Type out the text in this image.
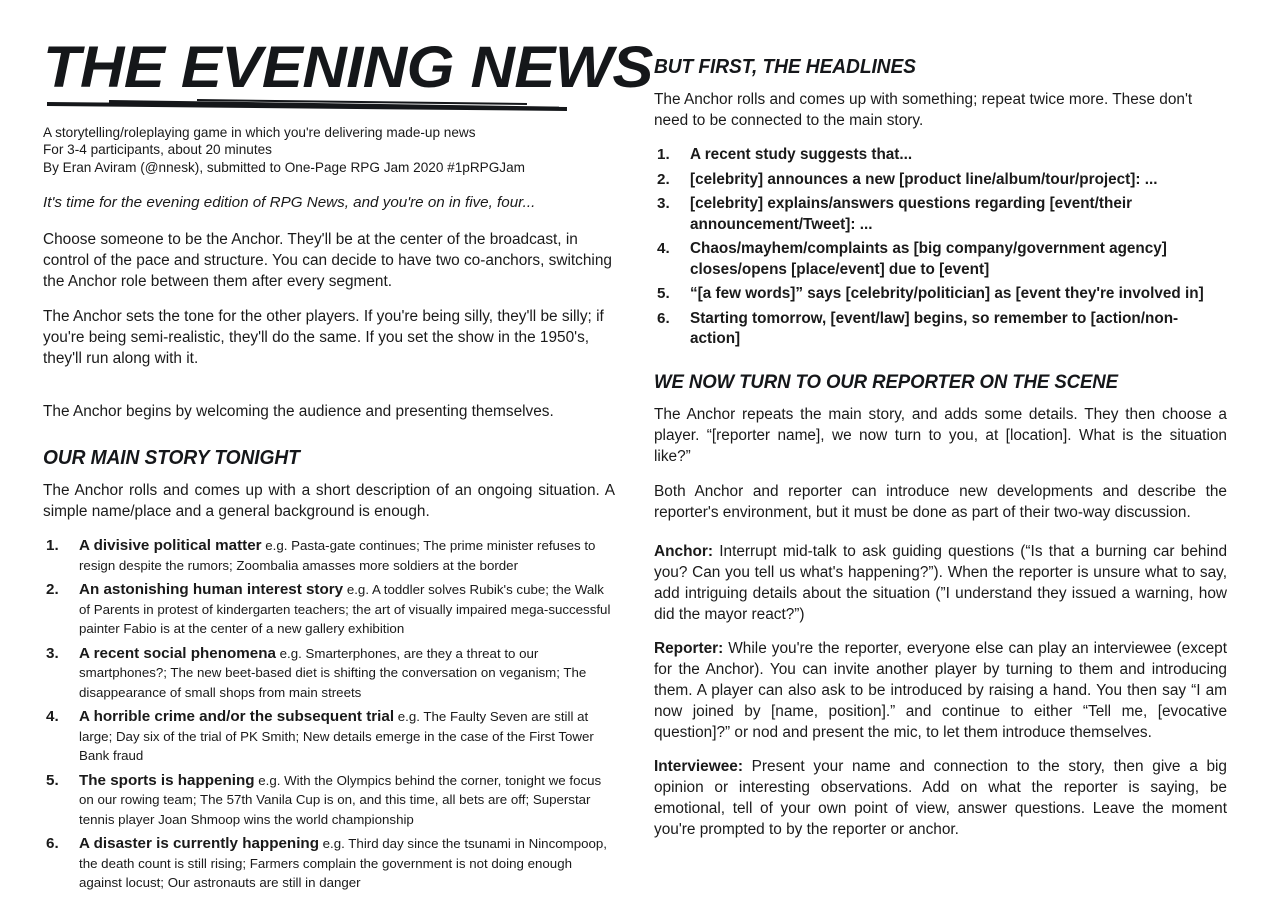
THE EVENING NEWS
A storytelling/roleplaying game in which you're delivering made-up news
For 3-4 participants, about 20 minutes
By Eran Aviram (@nnesk), submitted to One-Page RPG Jam 2020 #1pRPGJam
It's time for the evening edition of RPG News, and you're on in five, four...

Choose someone to be the Anchor. They'll be at the center of the broadcast, in control of the pace and structure. You can decide to have two co-anchors, switching the Anchor role between them after every segment.

The Anchor sets the tone for the other players. If you're being silly, they'll be silly; if you're being semi-realistic, they'll do the same. If you set the show in the 1950's, they'll run along with it.

The Anchor begins by welcoming the audience and presenting themselves.

OUR MAIN STORY TONIGHT

The Anchor rolls and comes up with a short description of an ongoing situation. A simple name/place and a general background is enough.

1. A divisive political matter e.g. Pasta-gate continues; The prime minister refuses to resign despite the rumors; Zoombalia amasses more soldiers at the border
2. An astonishing human interest story e.g. A toddler solves Rubik's cube; the Walk of Parents in protest of kindergarten teachers; the art of visually impaired mega-successful painter Fabio is at the center of a new gallery exhibition
3. A recent social phenomena e.g. Smarterphones, are they a threat to our smartphones?; The new beet-based diet is shifting the conversation on veganism; The disappearance of small shops from main streets
4. A horrible crime and/or the subsequent trial e.g. The Faulty Seven are still at large; Day six of the trial of PK Smith; New details emerge in the case of the First Tower Bank fraud
5. The sports is happening e.g. With the Olympics behind the corner, tonight we focus on our rowing team; The 57th Vanila Cup is on, and this time, all bets are off; Superstar tennis player Joan Shmoop wins the world championship
6. A disaster is currently happening e.g. Third day since the tsunami in Nincompoop, the death count is still rising; Farmers complain the government is not doing enough against locust; Our astronauts are still in danger
BUT FIRST, THE HEADLINES

The Anchor rolls and comes up with something; repeat twice more. These don't need to be connected to the main story.

1. A recent study suggests that...
2. [celebrity] announces a new [product line/album/tour/project]: ...
3. [celebrity] explains/answers questions regarding [event/their announcement/Tweet]: ...
4. Chaos/mayhem/complaints as [big company/government agency] closes/opens [place/event] due to [event]
5. “[a few words]” says [celebrity/politician] as [event they're involved in]
6. Starting tomorrow, [event/law] begins, so remember to [action/non-action]
WE NOW TURN TO OUR REPORTER ON THE SCENE

The Anchor repeats the main story, and adds some details. They then choose a player. “[reporter name], we now turn to you, at [location]. What is the situation like?”

Both Anchor and reporter can introduce new developments and describe the reporter's environment, but it must be done as part of their two-way discussion.

Anchor: Interrupt mid-talk to ask guiding questions (“Is that a burning car behind you? Can you tell us what's happening?”). When the reporter is unsure what to say, add intriguing details about the situation (”I understand they issued a warning, how did the mayor react?”)

Reporter: While you're the reporter, everyone else can play an interviewee (except for the Anchor). You can invite another player by turning to them and introducing them. A player can also ask to be introduced by raising a hand. You then say “I am now joined by [name, position].” and continue to either “Tell me, [evocative question]?” or nod and present the mic, to let them introduce themselves.

Interviewee: Present your name and connection to the story, then give a big opinion or interesting observations. Add on what the reporter is saying, be emotional, tell of your own point of view, answer questions. Leave the moment you're prompted to by the reporter or anchor.
